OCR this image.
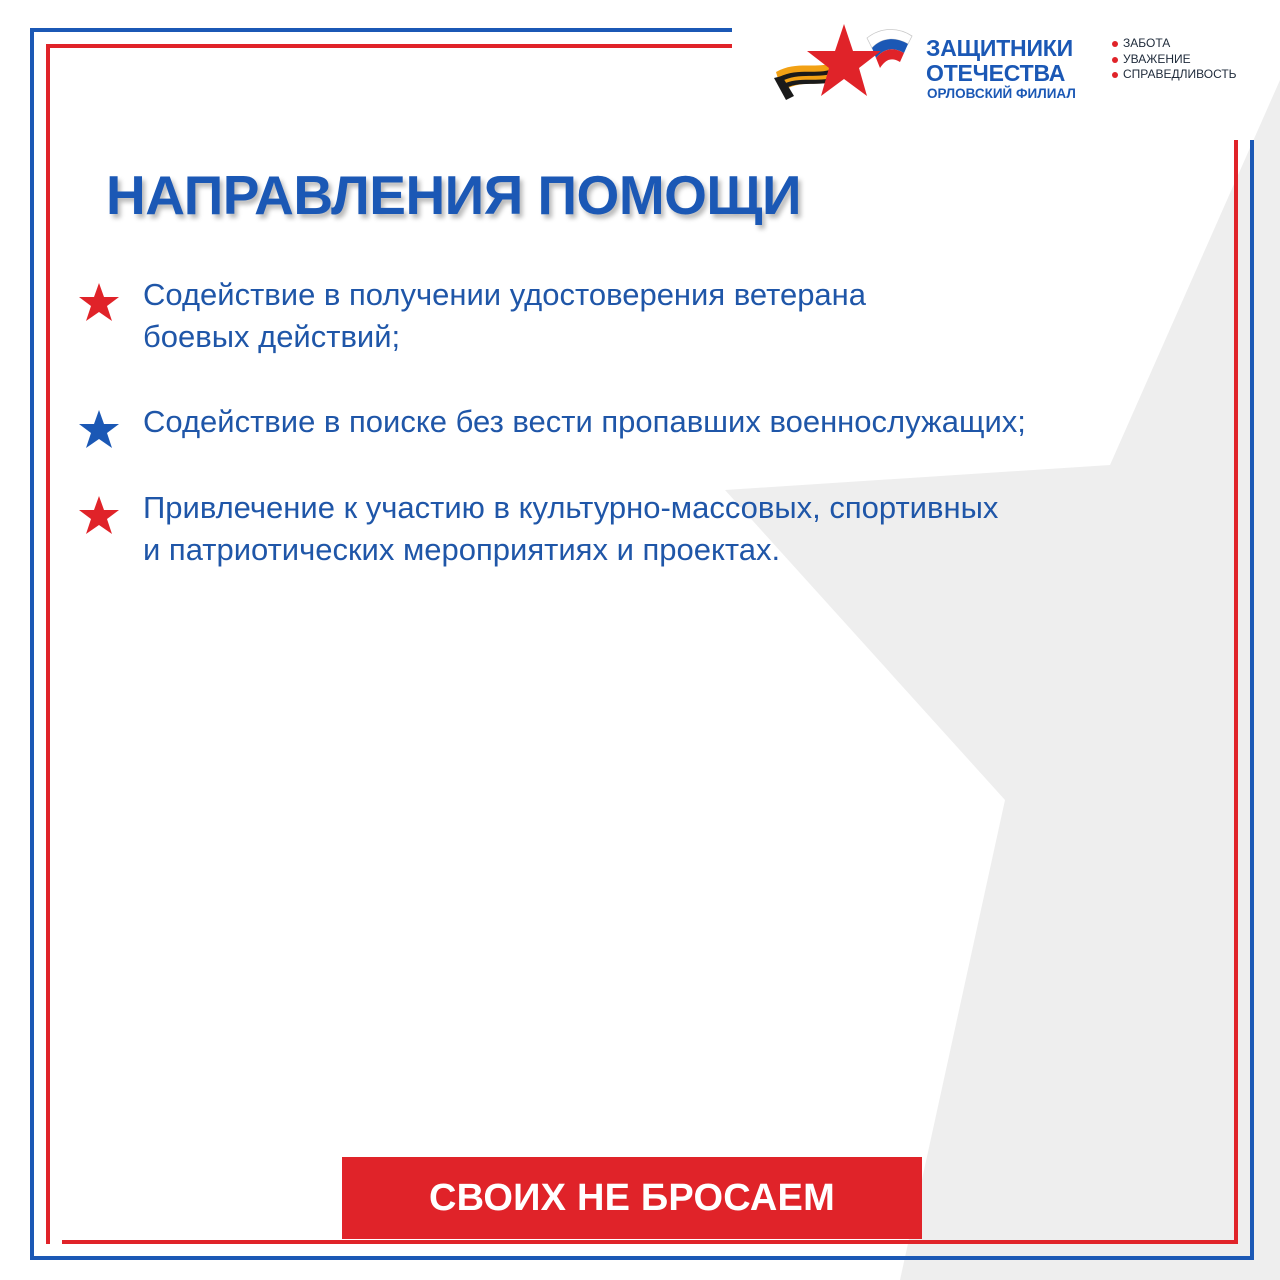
ЗАЩИТНИКИ
ОТЕЧЕСТВА
ОРЛОВСКИЙ ФИЛИАЛ
ЗАБОТА
УВАЖЕНИЕ
СПРАВЕДЛИВОСТЬ
НАПРАВЛЕНИЯ ПОМОЩИ
Содействие в получении удостоверения ветерана
боевых действий;
Содействие в поиске без вести пропавших военнослужащих;
Привлечение к участию в культурно-массовых, спортивных
и патриотических мероприятиях и проектах.
СВОИХ НЕ БРОСАЕМ
